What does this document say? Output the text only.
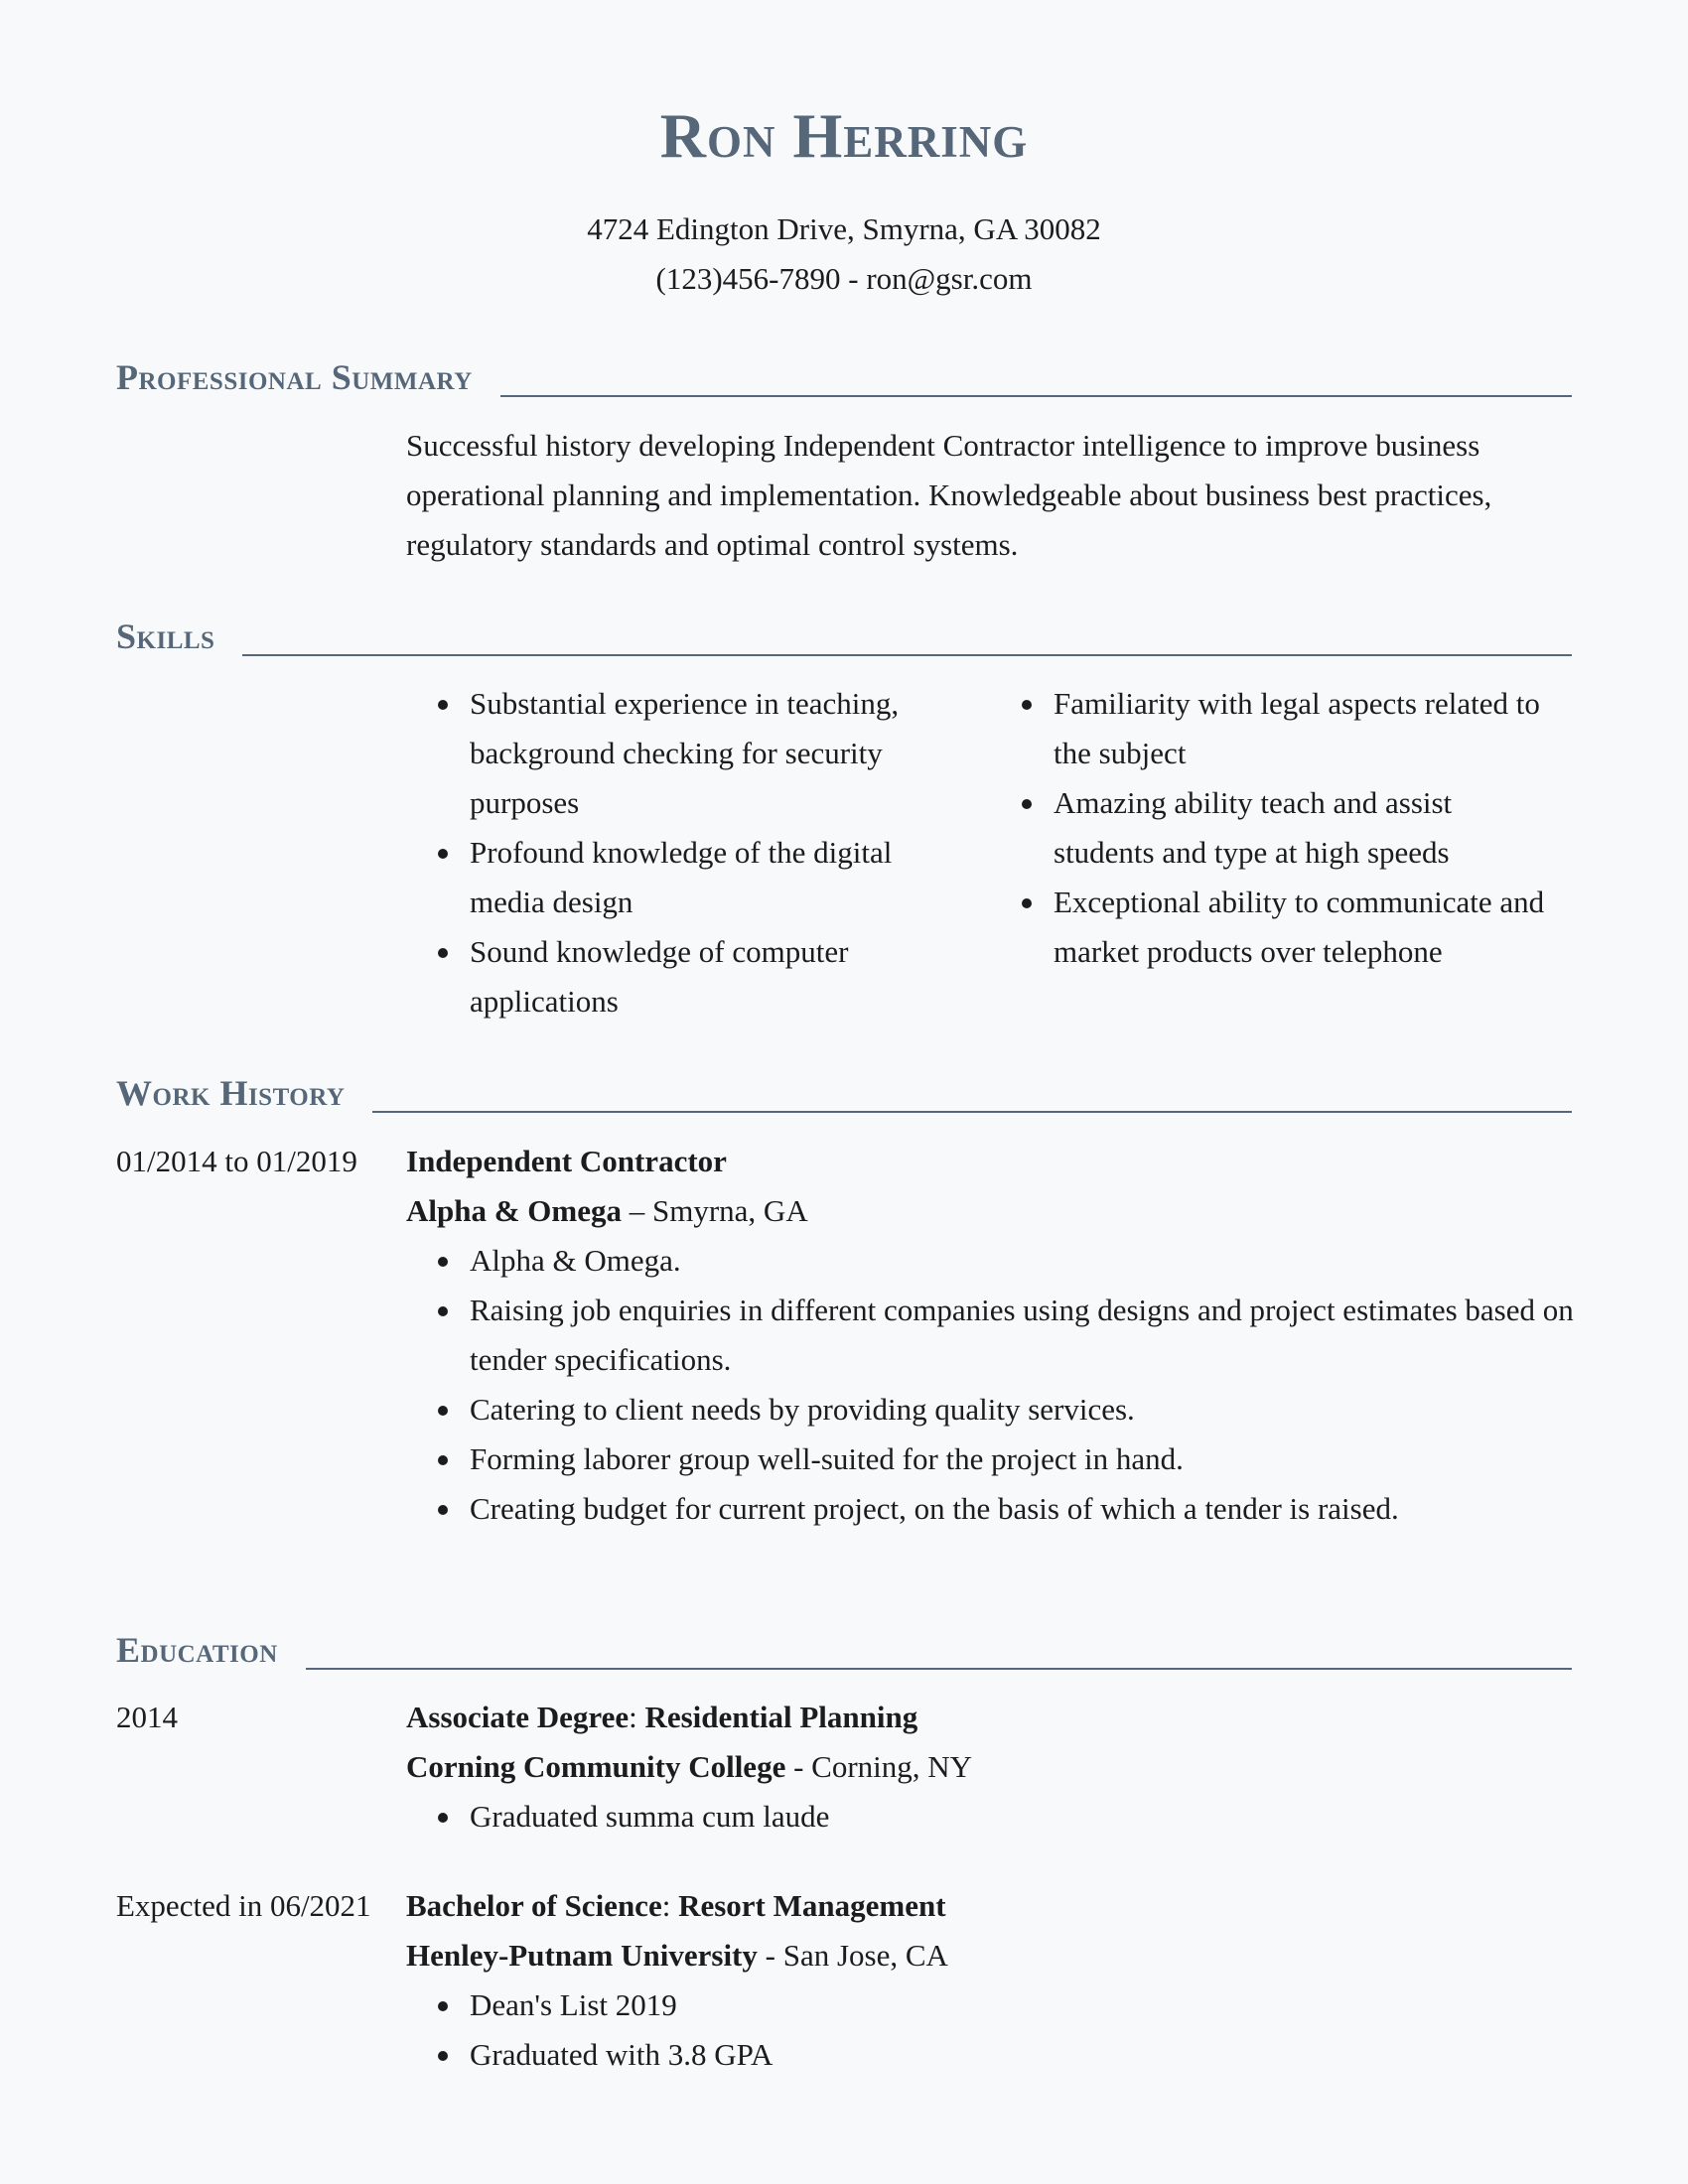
Ron Herring
4724 Edington Drive, Smyrna, GA 30082
(123)456-7890 - ron@gsr.com
Professional Summary
Successful history developing Independent Contractor intelligence to improve business operational planning and implementation. Knowledgeable about business best practices, regulatory standards and optimal control systems.
Skills
Substantial experience in teaching, background checking for security purposes
Profound knowledge of the digital media design
Sound knowledge of computer applications
Familiarity with legal aspects related to the subject
Amazing ability teach and assist students and type at high speeds
Exceptional ability to communicate and market products over telephone
Work History
01/2014 to 01/2019 Independent Contractor
Alpha & Omega – Smyrna, GA
Alpha & Omega.
Raising job enquiries in different companies using designs and project estimates based on tender specifications.
Catering to client needs by providing quality services.
Forming laborer group well-suited for the project in hand.
Creating budget for current project, on the basis of which a tender is raised.
Education
2014	Associate Degree: Residential Planning
Corning Community College - Corning, NY
Graduated summa cum laude
Expected in 06/2021 Bachelor of Science: Resort Management
Henley-Putnam University - San Jose, CA
Dean's List 2019
Graduated with 3.8 GPA
